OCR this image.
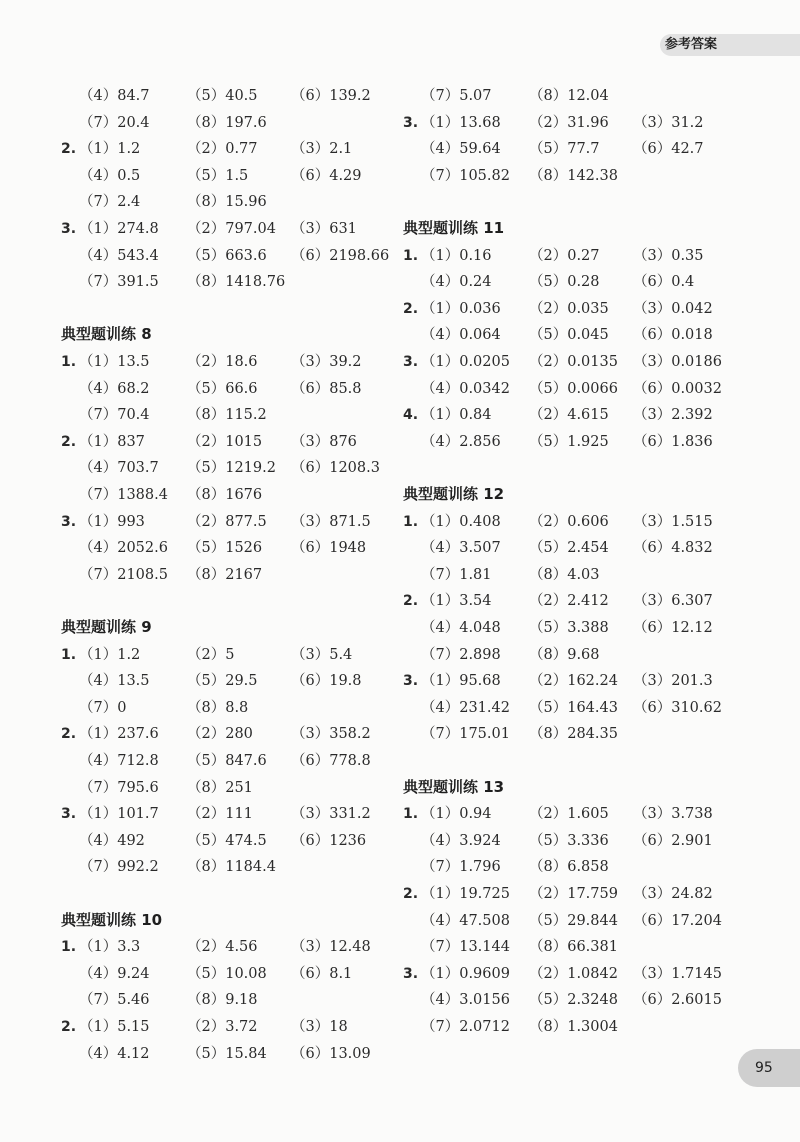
参考答案
（4）84.7	（5）40.5 （6）139.2
（7）20.4	（8）197.6
2. （1）1.2	（2）0.77 （3）2.1
（4）0.5	（5）1.5	（6）4.29
（7）2.4	（8）15.96
3. （1）274.8 （2）797.04 （3）631
（4）543.4 （5）663.6 （6）2198.66
（7）391.5 （8）1418.76
典型题训练 8
1. （1）13.5	（2）18.6 （3）39.2
（4）68.2	（5）66.6 （6）85.8
（7）70.4	（8）115.2
2. （1）837	（2）1015 （3）876
（4）703.7 （5）1219.2 （6）1208.3
（7）1388.4 （8）1676
3. （1）993	（2）877.5 （3）871.5
（4）2052.6 （5）1526 （6）1948
（7）2108.5 （8）2167
典型题训练 9
1. （1）1.2	（2）5	（3）5.4
（4）13.5	（5）29.5 （6）19.8
（7）0	（8）8.8
2. （1）237.6 （2）280	（3）358.2
（4）712.8 （5）847.6 （6）778.8
（7）795.6 （8）251
3. （1）101.7 （2）111	（3）331.2
（4）492	（5）474.5 （6）1236
（7）992.2 （8）1184.4
典型题训练 10
1. （1）3.3	（2）4.56 （3）12.48
（4）9.24	（5）10.08 （6）8.1
（7）5.46	（8）9.18
2. （1）5.15	（2）3.72 （3）18
（4）4.12	（5）15.84 （6）13.09
（7）5.07	（8）12.04
3. （1）13.68 （2）31.96 （3）31.2
（4）59.64 （5）77.7 （6）42.7
（7）105.82 （8）142.38
典型题训练 11
1. （1）0.16	（2）0.27 （3）0.35
（4）0.24	（5）0.28 （6）0.4
2. （1）0.036 （2）0.035 （3）0.042
（4）0.064 （5）0.045 （6）0.018
3. （1）0.0205 （2）0.0135 （3）0.0186
（4）0.0342 （5）0.0066 （6）0.0032
4. （1）0.84	（2）4.615 （3）2.392
（4）2.856 （5）1.925 （6）1.836
典型题训练 12
1. （1）0.408 （2）0.606 （3）1.515
（4）3.507 （5）2.454 （6）4.832
（7）1.81	（8）4.03
2. （1）3.54	（2）2.412 （3）6.307
（4）4.048 （5）3.388 （6）12.12
（7）2.898 （8）9.68
3. （1）95.68 （2）162.24 （3）201.3
（4）231.42 （5）164.43 （6）310.62
（7）175.01 （8）284.35
典型题训练 13
1. （1）0.94	（2）1.605 （3）3.738
（4）3.924 （5）3.336 （6）2.901
（7）1.796 （8）6.858
2. （1）19.725 （2）17.759 （3）24.82
（4）47.508 （5）29.844 （6）17.204
（7）13.144 （8）66.381
3. （1）0.9609 （2）1.0842 （3）1.7145
（4）3.0156 （5）2.3248 （6）2.6015
（7）2.0712 （8）1.3004
95
